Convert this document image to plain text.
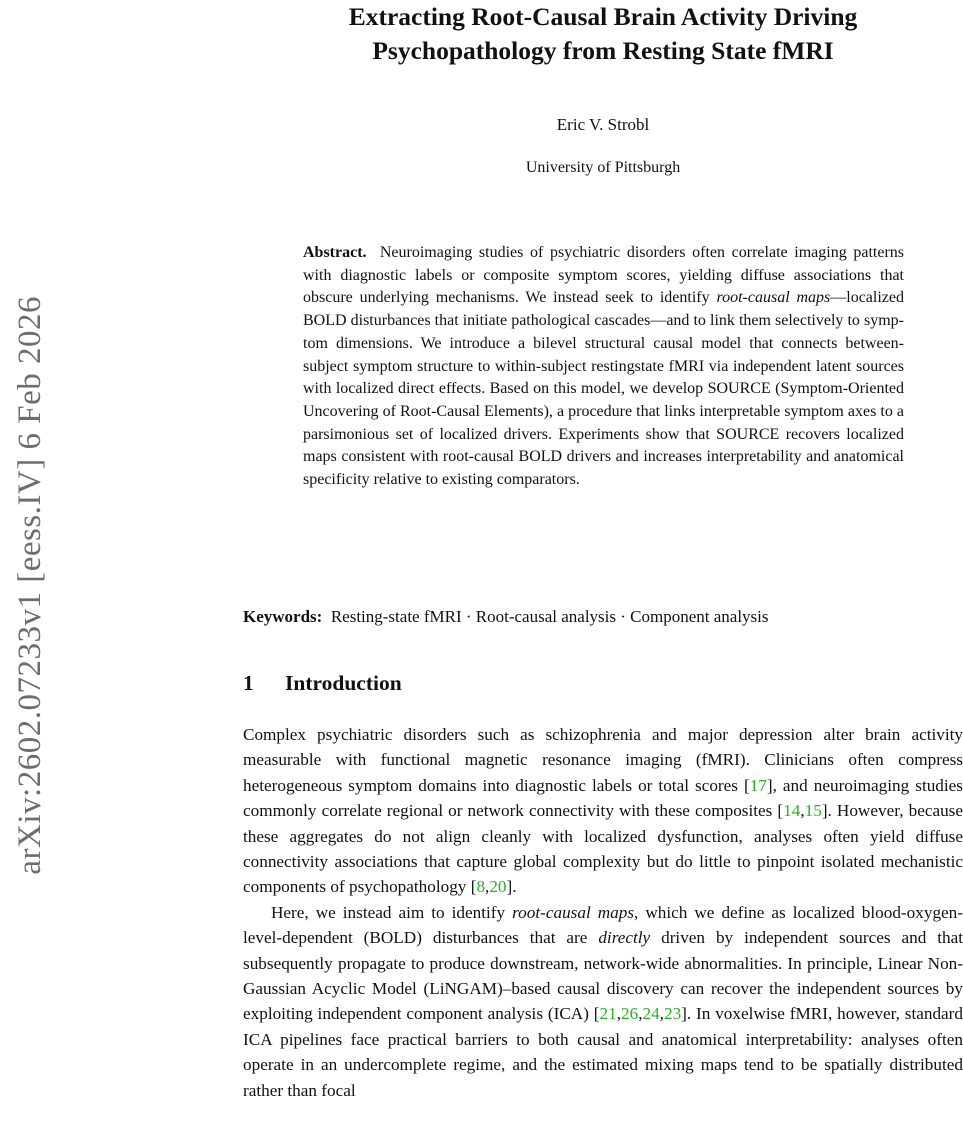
arXiv:2602.07233v1 [eess.IV] 6 Feb 2026
Extracting Root-Causal Brain Activity Driving
Psychopathology from Resting State fMRI
Eric V. Strobl
University of Pittsburgh

Abstract. Neuroimaging studies of psychiatric disorders often correlate imaging patterns with diagnostic labels or composite symptom scores, yielding diffuse associations that obscure underlying mechanisms. We instead seek to identify root-causal maps—localized BOLD disturbances that initiate pathological cascades—and to link them selectively to symptom dimensions. We introduce a bilevel structural causal model that connects between-subject symptom structure to within-subject restingstate fMRI via independent latent sources with localized direct effects. Based on this model, we develop SOURCE (Symptom-Oriented Uncovering of Root-Causal Elements), a procedure that links interpretable symptom axes to a parsimonious set of localized drivers. Experiments show that SOURCE recovers localized maps consistent with root-causal BOLD drivers and increases interpretability and anatomical specificity relative to existing comparators.

Keywords: Resting-state fMRI · Root-causal analysis · Component analysis

1 Introduction

Complex psychiatric disorders such as schizophrenia and major depression alter brain activity measurable with functional magnetic resonance imaging (fMRI). Clinicians often compress heterogeneous symptom domains into diagnostic labels or total scores [17], and neuroimaging studies commonly correlate regional or network connectivity with these composites [14,15]. However, because these aggregates do not align cleanly with localized dysfunction, analyses often yield diffuse connectivity associations that capture global complexity but do little to pinpoint isolated mechanistic components of psychopathology [8,20].

Here, we instead aim to identify root-causal maps, which we define as localized blood-oxygen-level-dependent (BOLD) disturbances that are directly driven by independent sources and that subsequently propagate to produce downstream, network-wide abnormalities. In principle, Linear Non-Gaussian Acyclic Model (LiNGAM)–based causal discovery can recover the independent sources by exploiting independent component analysis (ICA) [21,26,24,23]. In voxelwise fMRI, however, standard ICA pipelines face practical barriers to both causal and anatomical interpretability: analyses often operate in an undercomplete regime, and the estimated mixing maps tend to be spatially distributed rather than focal
